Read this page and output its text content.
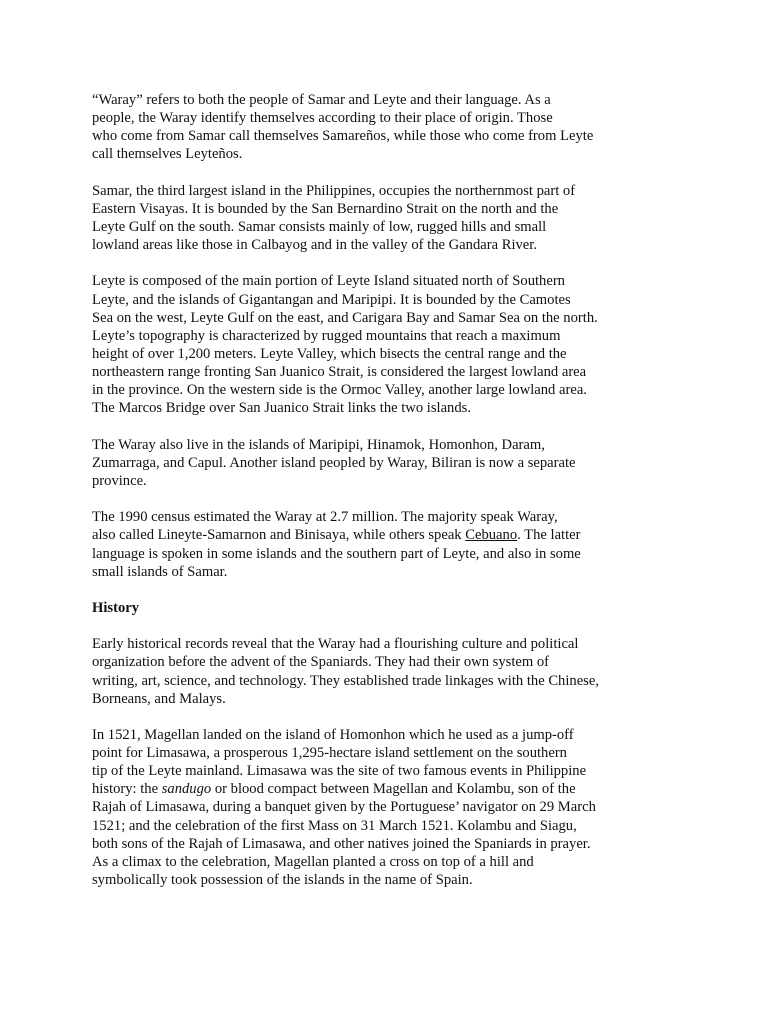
“Waray” refers to both the people of Samar and Leyte and their language. As a
people, the Waray identify themselves according to their place of origin. Those
who come from Samar call themselves Samareños, while those who come from Leyte
call themselves Leyteños.
Samar, the third largest island in the Philippines, occupies the northernmost part of
Eastern Visayas. It is bounded by the San Bernardino Strait on the north and the
Leyte Gulf on the south. Samar consists mainly of low, rugged hills and small
lowland areas like those in Calbayog and in the valley of the Gandara River.
Leyte is composed of the main portion of Leyte Island situated north of Southern
Leyte, and the islands of Gigantangan and Maripipi. It is bounded by the Camotes
Sea on the west, Leyte Gulf on the east, and Carigara Bay and Samar Sea on the north.
Leyte’s topography is characterized by rugged mountains that reach a maximum
height of over 1,200 meters. Leyte Valley, which bisects the central range and the
northeastern range fronting San Juanico Strait, is considered the largest lowland area
in the province. On the western side is the Ormoc Valley, another large lowland area.
The Marcos Bridge over San Juanico Strait links the two islands.
The Waray also live in the islands of Maripipi, Hinamok, Homonhon, Daram,
Zumarraga, and Capul. Another island peopled by Waray, Biliran is now a separate
province.
The 1990 census estimated the Waray at 2.7 million. The majority speak Waray,
also called Lineyte-Samarnon and Binisaya, while others speak Cebuano. The latter
language is spoken in some islands and the southern part of Leyte, and also in some
small islands of Samar.
History
Early historical records reveal that the Waray had a flourishing culture and political
organization before the advent of the Spaniards. They had their own system of
writing, art, science, and technology. They established trade linkages with the Chinese,
Borneans, and Malays.
In 1521, Magellan landed on the island of Homonhon which he used as a jump-off
point for Limasawa, a prosperous 1,295-hectare island settlement on the southern
tip of the Leyte mainland. Limasawa was the site of two famous events in Philippine
history: the sandugo or blood compact between Magellan and Kolambu, son of the
Rajah of Limasawa, during a banquet given by the Portuguese’ navigator on 29 March
1521; and the celebration of the first Mass on 31 March 1521. Kolambu and Siagu,
both sons of the Rajah of Limasawa, and other natives joined the Spaniards in prayer.
As a climax to the celebration, Magellan planted a cross on top of a hill and
symbolically took possession of the islands in the name of Spain.
